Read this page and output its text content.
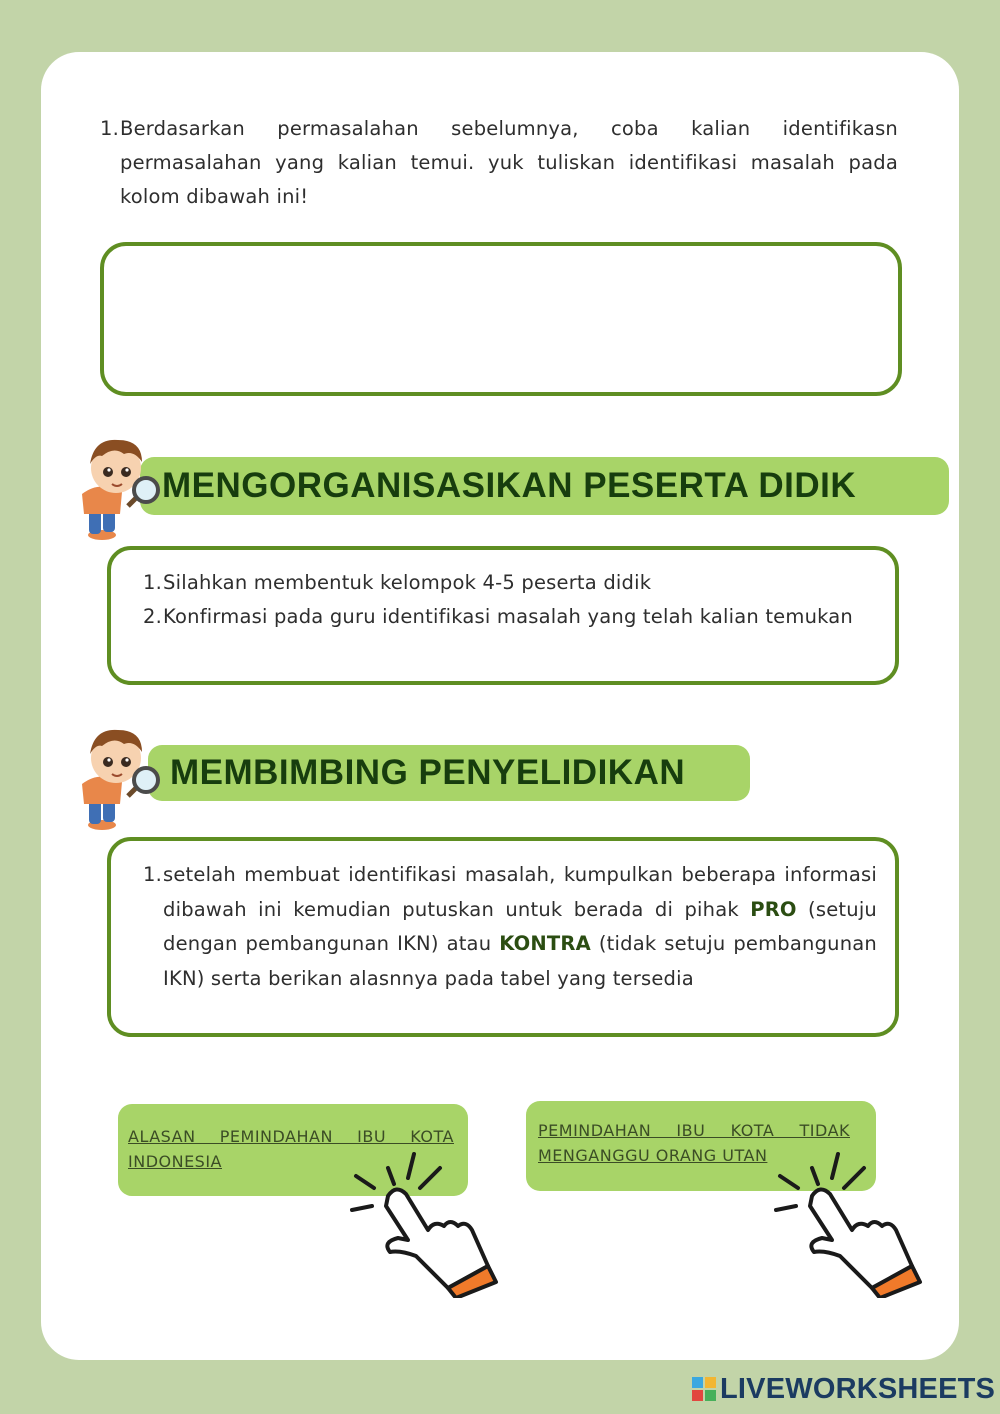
1. Berdasarkan permasalahan sebelumnya, coba kalian identifikasn permasalahan yang kalian temui. yuk tuliskan identifikasi masalah pada kolom dibawah ini!

MENGORGANISASIKAN PESERTA DIDIK
1. Silahkan membentuk kelompok 4-5 peserta didik
2. Konfirmasi pada guru identifikasi masalah yang telah kalian temukan
MEMBIMBING PENYELIDIKAN
1. setelah membuat identifikasi masalah, kumpulkan beberapa informasi dibawah ini kemudian putuskan untuk berada di pihak PRO (setuju dengan pembangunan IKN) atau KONTRA (tidak setuju pembangunan IKN) serta berikan alasnnya pada tabel yang tersedia
ALASAN PEMINDAHAN IBU KOTA INDONESIA
PEMINDAHAN IBU KOTA TIDAK MENGANGGU ORANG UTAN
LIVEWORKSHEETS
